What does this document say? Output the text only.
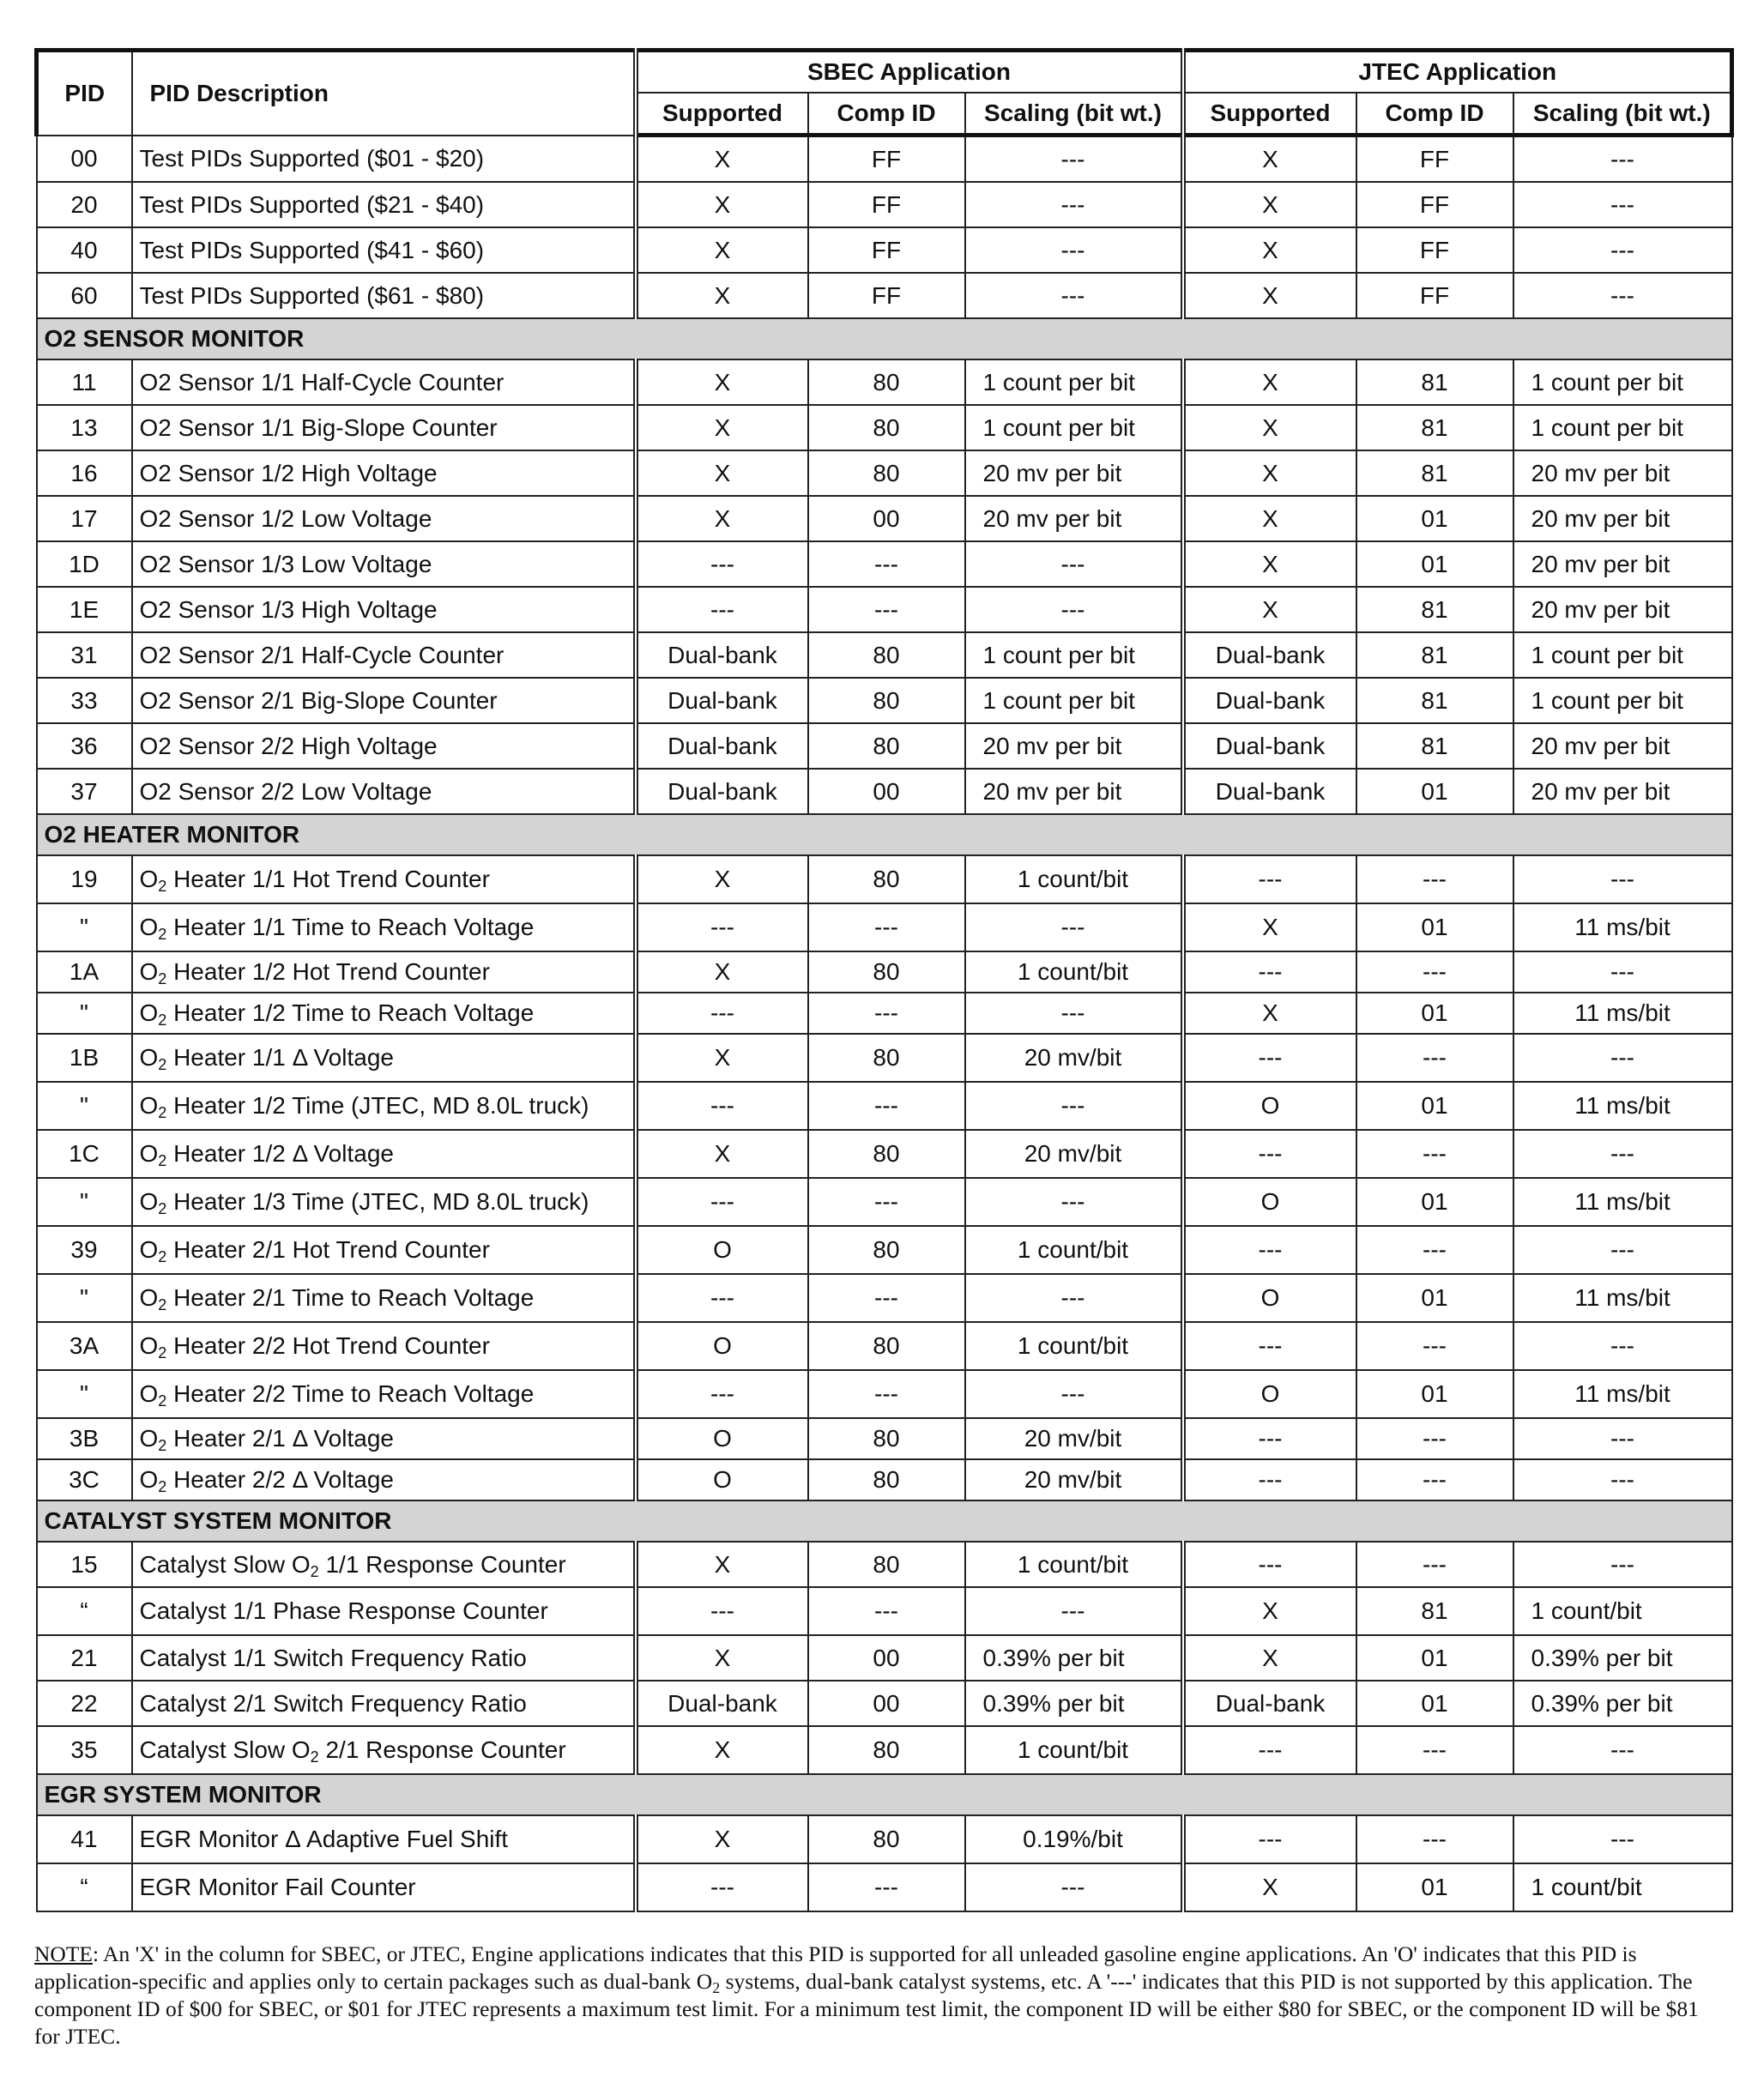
PID	PID Description	SBEC Application			JTEC Application		
		Supported	Comp ID	Scaling (bit wt.)	Supported	Comp ID	Scaling (bit wt.)
00	Test PIDs Supported ($01 - $20)	X	FF	---	X	FF	---
20	Test PIDs Supported ($21 - $40)	X	FF	---	X	FF	---
40	Test PIDs Supported ($41 - $60)	X	FF	---	X	FF	---
60	Test PIDs Supported ($61 - $80)	X	FF	---	X	FF	---
O2 SENSOR MONITOR							
11	O2 Sensor 1/1 Half-Cycle Counter	X	80	1 count per bit	X	81	1 count per bit
13	O2 Sensor 1/1 Big-Slope Counter	X	80	1 count per bit	X	81	1 count per bit
16	O2 Sensor 1/2 High Voltage	X	80	20 mv per bit	X	81	20 mv per bit
17	O2 Sensor 1/2 Low Voltage	X	00	20 mv per bit	X	01	20 mv per bit
1D	O2 Sensor 1/3 Low Voltage	---	---	---	X	01	20 mv per bit
1E	O2 Sensor 1/3 High Voltage	---	---	---	X	81	20 mv per bit
31	O2 Sensor 2/1 Half-Cycle Counter	Dual-bank	80	1 count per bit	Dual-bank	81	1 count per bit
33	O2 Sensor 2/1 Big-Slope Counter	Dual-bank	80	1 count per bit	Dual-bank	81	1 count per bit
36	O2 Sensor 2/2 High Voltage	Dual-bank	80	20 mv per bit	Dual-bank	81	20 mv per bit
37	O2 Sensor 2/2 Low Voltage	Dual-bank	00	20 mv per bit	Dual-bank	01	20 mv per bit
O2 HEATER MONITOR							
19	$O_2$ Heater 1/1 Hot Trend Counter	X	80	1 count/bit	---	---	---
"	$O_2$ Heater 1/1 Time to Reach Voltage	---	---	---	X	01	11 ms/bit
1A	$O_2$ Heater 1/2 Hot Trend Counter	X	80	1 count/bit	---	---	---
"	$O_2$ Heater 1/2 Time to Reach Voltage	---	---	---	X	01	11 ms/bit
1B	$O_2$ Heater 1/1 Δ Voltage	X	80	20 mv/bit	---	---	---
"	$O_2$ Heater 1/2 Time (JTEC, MD 8.0L truck)	---	---	---	O	01	11 ms/bit
1C	$O_2$ Heater 1/2 Δ Voltage	X	80	20 mv/bit	---	---	---
"	$O_2$ Heater 1/3 Time (JTEC, MD 8.0L truck)	---	---	---	O	01	11 ms/bit
39	$O_2$ Heater 2/1 Hot Trend Counter	O	80	1 count/bit	---	---	---
"	$O_2$ Heater 2/1 Time to Reach Voltage	---	---	---	O	01	11 ms/bit
3A	$O_2$ Heater 2/2 Hot Trend Counter	O	80	1 count/bit	---	---	---
"	$O_2$ Heater 2/2 Time to Reach Voltage	---	---	---	O	01	11 ms/bit
3B	$O_2$ Heater 2/1 Δ Voltage	O	80	20 mv/bit	---	---	---
3C	$O_2$ Heater 2/2 Δ Voltage	O	80	20 mv/bit	---	---	---
CATALYST SYSTEM MONITOR							
15	Catalyst Slow $O_2$ 1/1 Response Counter	X	80	1 count/bit	---	---	---
“	Catalyst 1/1 Phase Response Counter	---	---	---	X	81	1 count/bit
21	Catalyst 1/1 Switch Frequency Ratio	X	00	0.39% per bit	X	01	0.39% per bit
22	Catalyst 2/1 Switch Frequency Ratio	Dual-bank	00	0.39% per bit	Dual-bank	01	0.39% per bit
35	Catalyst Slow $O_2$ 2/1 Response Counter	X	80	1 count/bit	---	---	---
EGR SYSTEM MONITOR							
41	EGR Monitor Δ Adaptive Fuel Shift	X	80	0.19%/bit	---	---	---
“	EGR Monitor Fail Counter	---	---	---	X	01	1 count/bit

NOTE: An 'X' in the column for SBEC, or JTEC, Engine applications indicates that this PID is supported for all unleaded gasoline engine applications. An 'O' indicates that this PID is application-specific and applies only to certain packages such as dual-bank $O_2$ systems, dual-bank catalyst systems, etc. A '---' indicates that this PID is not supported by this application. The component ID of $00 for SBEC, or $01 for JTEC represents a maximum test limit. For a minimum test limit, the component ID will be either $80 for SBEC, or the component ID will be $81 for JTEC.
